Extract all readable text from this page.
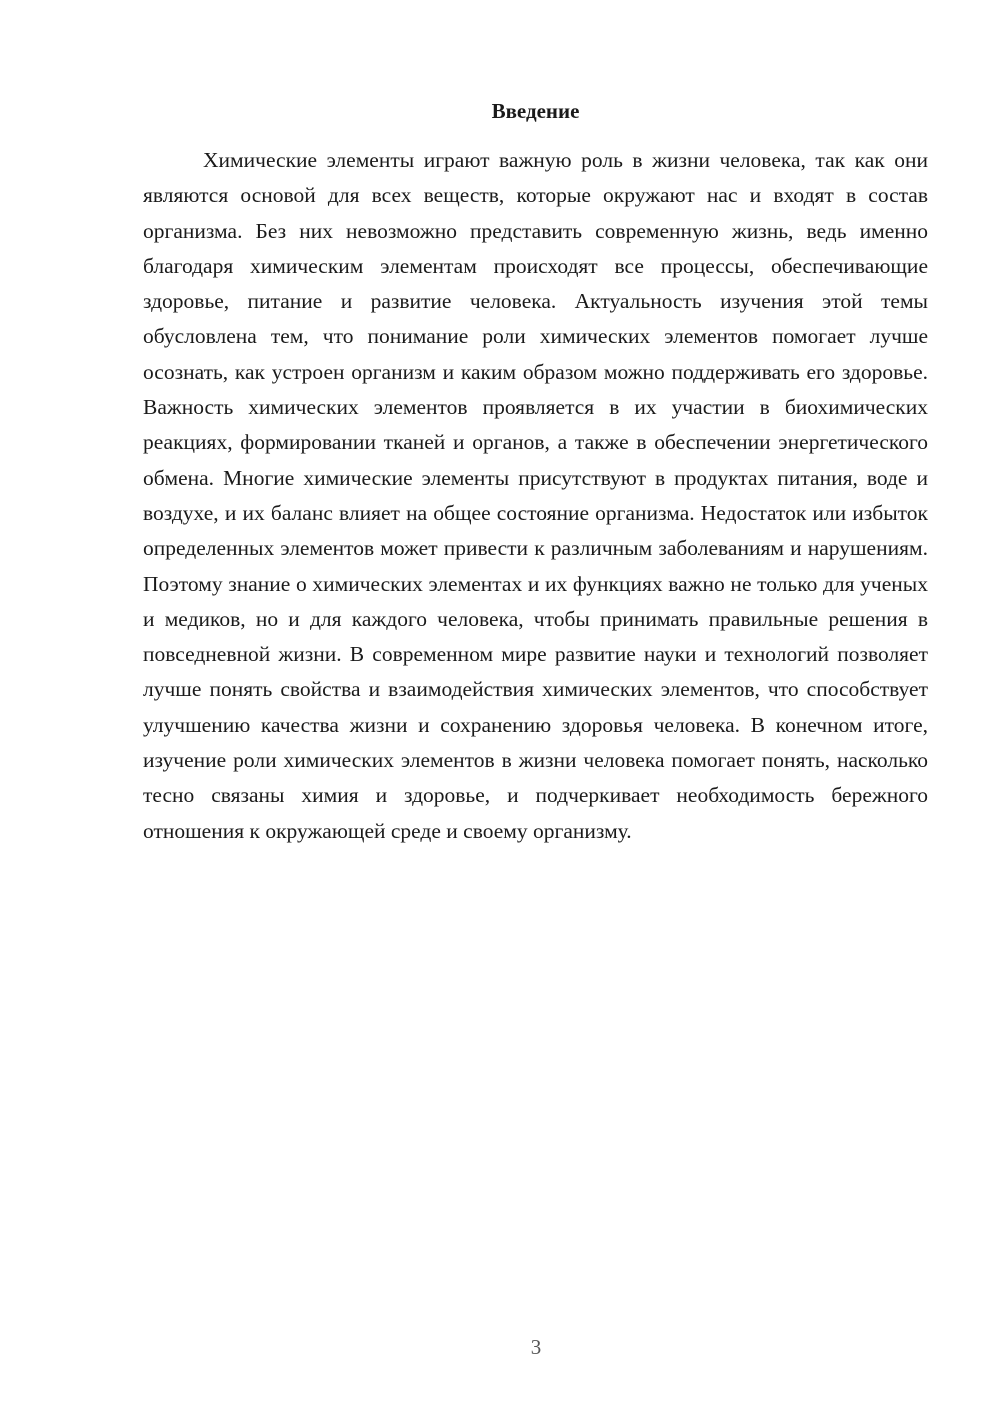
Введение

Химические элементы играют важную роль в жизни человека, так как они являются основой для всех веществ, которые окружают нас и входят в состав организма. Без них невозможно представить современную жизнь, ведь именно благодаря химическим элементам происходят все процессы, обеспечивающие здоровье, питание и развитие человека. Актуальность изучения этой темы обусловлена тем, что понимание роли химических элементов помогает лучше осознать, как устроен организм и каким образом можно поддерживать его здоровье. Важность химических элементов проявляется в их участии в биохимических реакциях, формировании тканей и органов, а также в обеспечении энергетического обмена. Многие химические элементы присутствуют в продуктах питания, воде и воздухе, и их баланс влияет на общее состояние организма. Недостаток или избыток определенных элементов может привести к различным заболеваниям и нарушениям. Поэтому знание о химических элементах и их функциях важно не только для ученых и медиков, но и для каждого человека, чтобы принимать правильные решения в повседневной жизни. В современном мире развитие науки и технологий позволяет лучше понять свойства и взаимодействия химических элементов, что способствует улучшению качества жизни и сохранению здоровья человека. В конечном итоге, изучение роли химических элементов в жизни человека помогает понять, насколько тесно связаны химия и здоровье, и подчеркивает необходимость бережного отношения к окружающей среде и своему организму.

3
